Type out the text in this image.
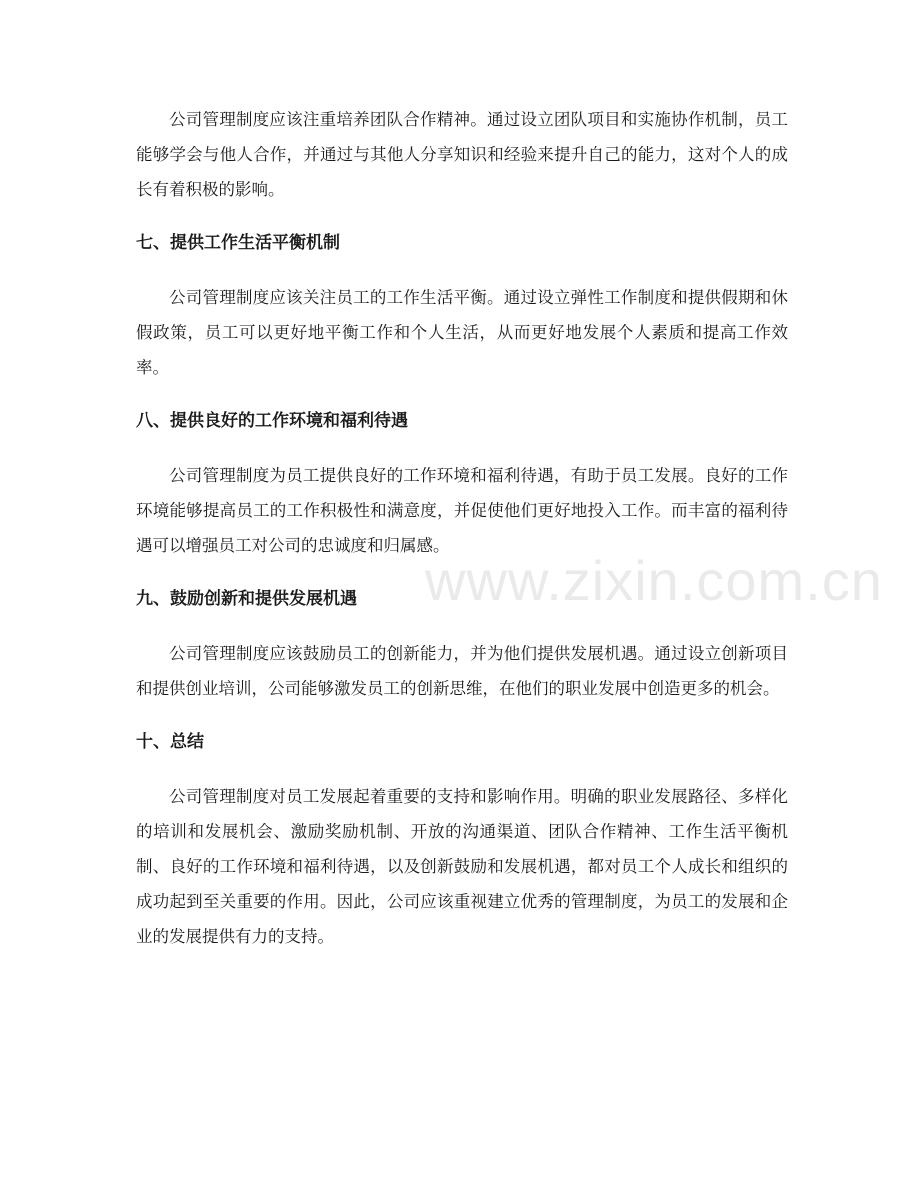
公司管理制度应该注重培养团队合作精神。通过设立团队项目和实施协作机制，员工能够学会与他人合作，并通过与其他人分享知识和经验来提升自己的能力，这对个人的成长有着积极的影响。

七、提供工作生活平衡机制

公司管理制度应该关注员工的工作生活平衡。通过设立弹性工作制度和提供假期和休假政策，员工可以更好地平衡工作和个人生活，从而更好地发展个人素质和提高工作效率。

八、提供良好的工作环境和福利待遇

公司管理制度为员工提供良好的工作环境和福利待遇，有助于员工发展。良好的工作环境能够提高员工的工作积极性和满意度，并促使他们更好地投入工作。而丰富的福利待遇可以增强员工对公司的忠诚度和归属感。

九、鼓励创新和提供发展机遇

公司管理制度应该鼓励员工的创新能力，并为他们提供发展机遇。通过设立创新项目和提供创业培训，公司能够激发员工的创新思维，在他们的职业发展中创造更多的机会。

十、总结

公司管理制度对员工发展起着重要的支持和影响作用。明确的职业发展路径、多样化的培训和发展机会、激励奖励机制、开放的沟通渠道、团队合作精神、工作生活平衡机制、良好的工作环境和福利待遇，以及创新鼓励和发展机遇，都对员工个人成长和组织的成功起到至关重要的作用。因此，公司应该重视建立优秀的管理制度，为员工的发展和企业的发展提供有力的支持。

www.zixin.com.cn
